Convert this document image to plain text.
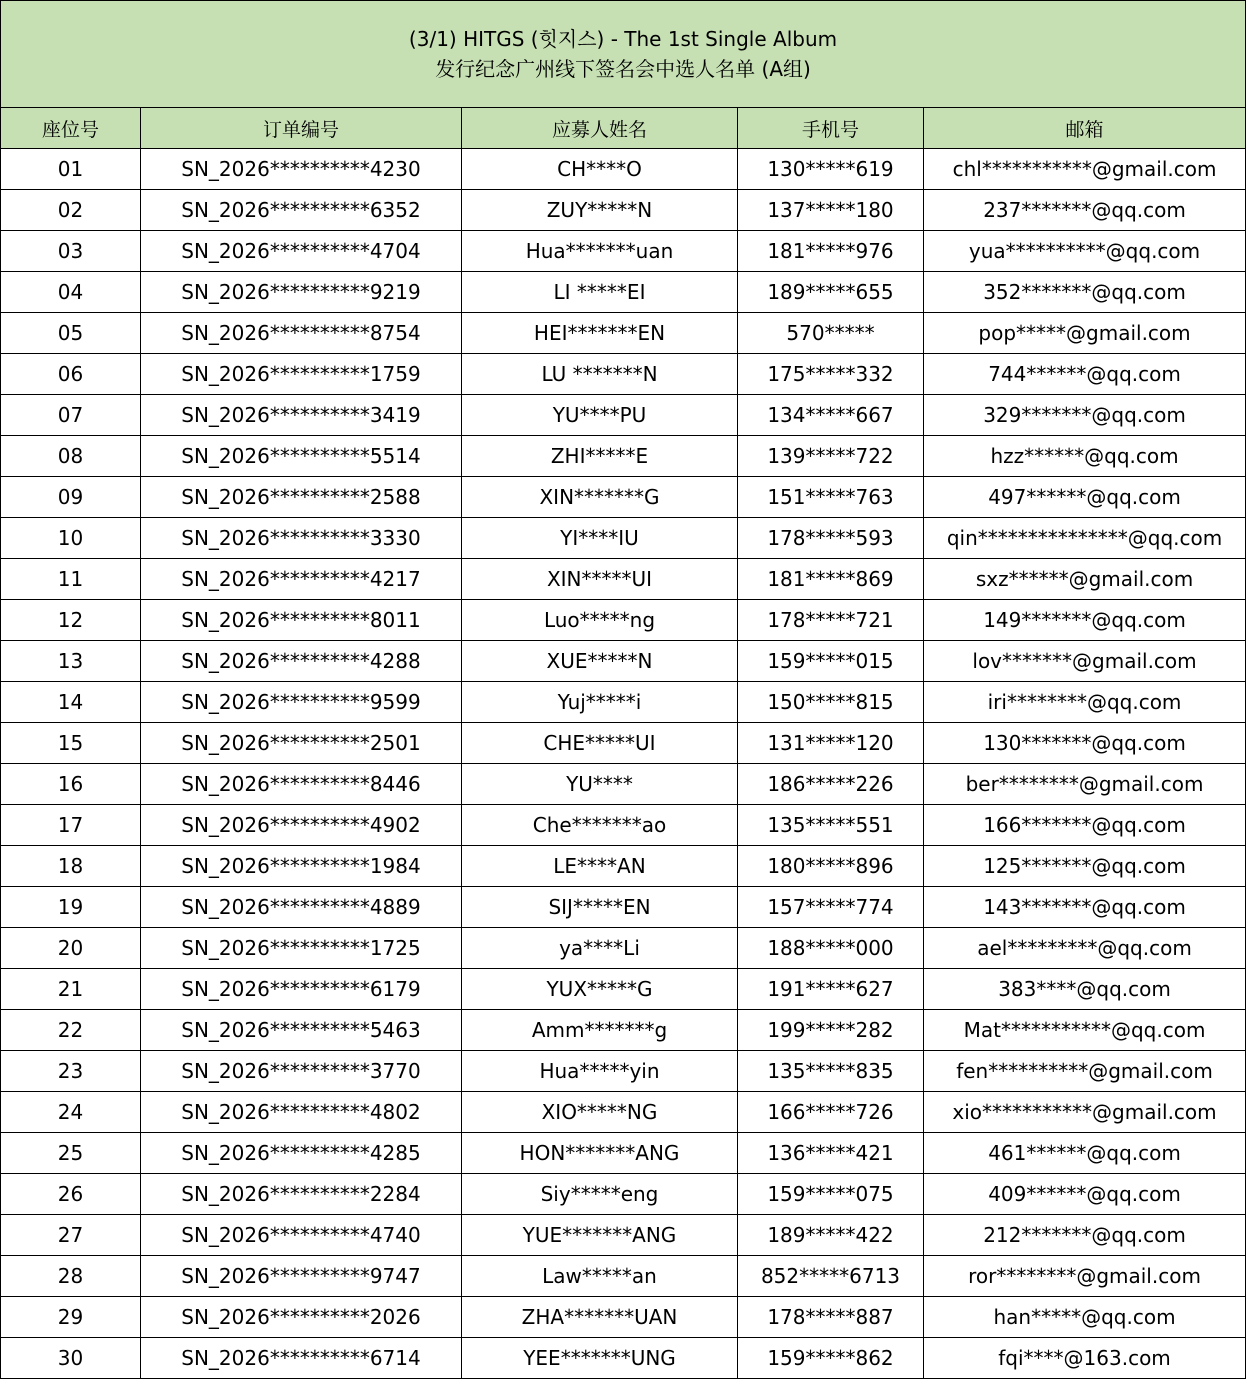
(3/1) HITGS (힛지스) - The 1st Single Album
发行纪念广州线下签名会中选人名单 (A组)				

座位号	订单编号	应募人姓名	手机号	邮箱
01	SN_2026**********4230	CH****O	130*****619	chl***********@gmail.com
02	SN_2026**********6352	ZUY*****N	137*****180	237*******@qq.com
03	SN_2026**********4704	Hua*******uan	181*****976	yua**********@qq.com
04	SN_2026**********9219	LI *****EI	189*****655	352*******@qq.com
05	SN_2026**********8754	HEI*******EN	570*****	pop*****@gmail.com
06	SN_2026**********1759	LU *******N	175*****332	744******@qq.com
07	SN_2026**********3419	YU****PU	134*****667	329*******@qq.com
08	SN_2026**********5514	ZHI*****E	139*****722	hzz******@qq.com
09	SN_2026**********2588	XIN*******G	151*****763	497******@qq.com
10	SN_2026**********3330	YI****IU	178*****593	qin***************@qq.com
11	SN_2026**********4217	XIN*****UI	181*****869	sxz******@gmail.com
12	SN_2026**********8011	Luo*****ng	178*****721	149*******@qq.com
13	SN_2026**********4288	XUE*****N	159*****015	lov*******@gmail.com
14	SN_2026**********9599	Yuj*****i	150*****815	iri********@qq.com
15	SN_2026**********2501	CHE*****UI	131*****120	130*******@qq.com
16	SN_2026**********8446	YU****	186*****226	ber********@gmail.com
17	SN_2026**********4902	Che*******ao	135*****551	166*******@qq.com
18	SN_2026**********1984	LE****AN	180*****896	125*******@qq.com
19	SN_2026**********4889	SIJ*****EN	157*****774	143*******@qq.com
20	SN_2026**********1725	ya****Li	188*****000	ael*********@qq.com
21	SN_2026**********6179	YUX*****G	191*****627	383****@qq.com
22	SN_2026**********5463	Amm*******g	199*****282	Mat***********@qq.com
23	SN_2026**********3770	Hua*****yin	135*****835	fen**********@gmail.com
24	SN_2026**********4802	XIO*****NG	166*****726	xio***********@gmail.com
25	SN_2026**********4285	HON*******ANG	136*****421	461******@qq.com
26	SN_2026**********2284	Siy*****eng	159*****075	409******@qq.com
27	SN_2026**********4740	YUE*******ANG	189*****422	212*******@qq.com
28	SN_2026**********9747	Law*****an	852*****6713	ror********@gmail.com
29	SN_2026**********2026	ZHA*******UAN	178*****887	han*****@qq.com
30	SN_2026**********6714	YEE*******UNG	159*****862	fqi****@163.com
